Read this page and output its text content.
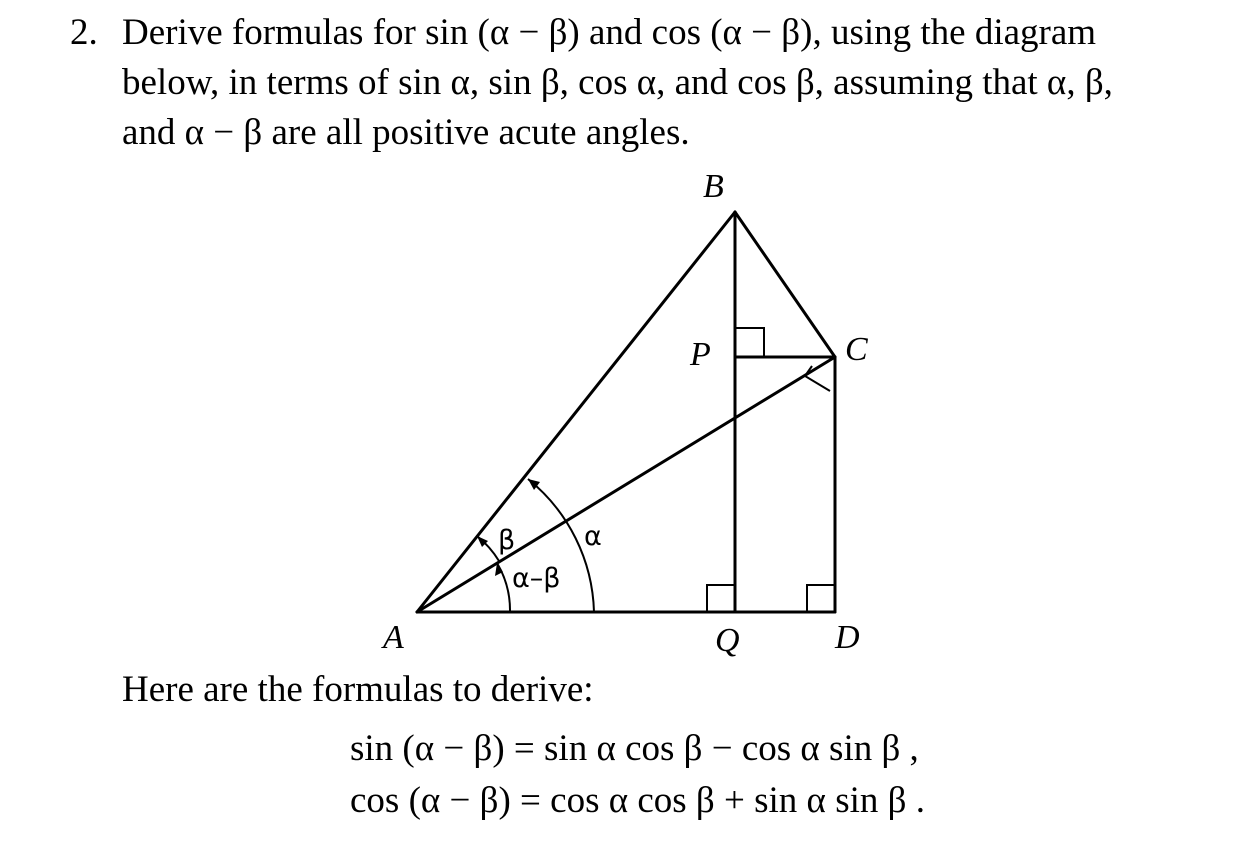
2. Derive formulas for sin (α − β) and cos (α − β), using the diagram
below, in terms of sin α, sin β, cos α, and cos β, assuming that α, β,
and α − β are all positive acute angles.
B
P	C
A	Q	D
β	α
α–β
Here are the formulas to derive:
sin (α − β) = sin α cos β − cos α sin β ,
cos (α − β) = cos α cos β + sin α sin β .
